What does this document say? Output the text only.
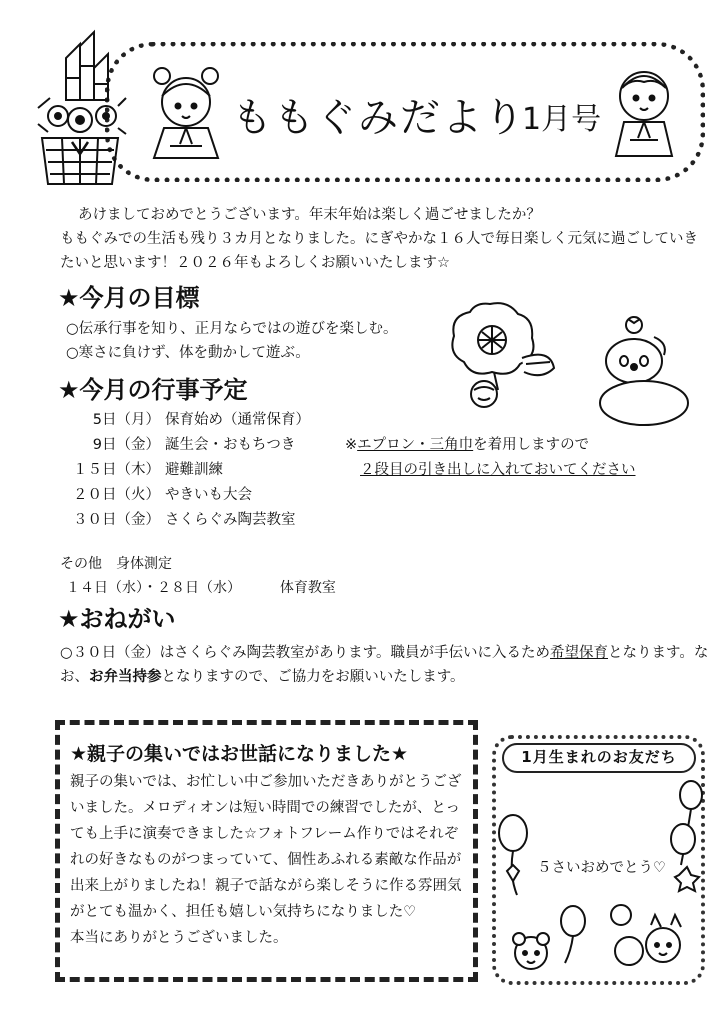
ももぐみだより
1月号

あけましておめでとうございます。年末年始は楽しく過ごせましたか？

ももぐみでの生活も残り３カ月となりました。にぎやかな１６人で毎日楽しく元気に過ごしていきたいと思います！２０２６年もよろしくお願いいたします☆

★今月の目標
○伝承行事を知り、正月ならではの遊びを楽しむ。
○寒さに負けず、体を動かして遊ぶ。
★今月の行事予定
5日（月） 保育始め（通常保育）
9日（金） 誕生会・おもちつき
１５日（木） 避難訓練
２０日（火） やきいも大会
３０日（金） さくらぐみ陶芸教室
※エプロン・三角巾を着用しますので
２段目の引き出しに入れておいてください
その他　身体測定
１４日（水）・２８日（水）	体育教室
★おねがい
○３０日（金）はさくらぐみ陶芸教室があります。職員が手伝いに入るため希望保育となります。なお、お弁当持参となりますので、ご協力をお願いいたします。
★親子の集いではお世話になりました★
親子の集いでは、お忙しい中ご参加いただきありがとうございました。メロディオンは短い時間での練習でしたが、とっても上手に演奏できました☆フォトフレーム作りではそれぞれの好きなものがつまっていて、個性あふれる素敵な作品が出来上がりましたね！親子で話ながら楽しそうに作る雰囲気がとても温かく、担任も嬉しい気持ちになりました♡
本当にありがとうございました。
1月生まれのお友だち
５さいおめでとう♡
